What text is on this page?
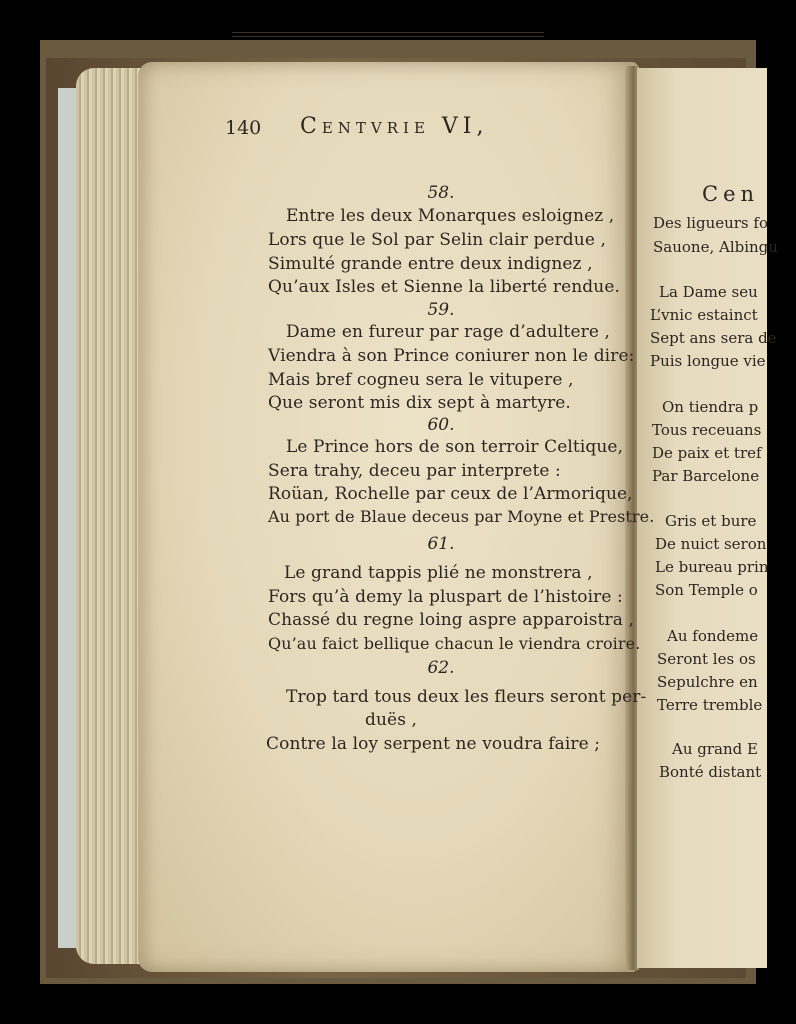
Cen
Des ligueurs fo
Sauone, Albingu
La Dame seu
L’vnic estainct
Sept ans sera de
Puis longue vie
On tiendra p
Tous receuans
De paix et tref
Par Barcelone
Gris et bure
De nuict seron
Le bureau prin
Son Temple o
Au fondeme
Seront les os
Sepulchre en
Terre tremble
Au grand E
Bonté distant
140 Centvrie VI,
58.
Entre les deux Monarques esloignez ,
Lors que le Sol par Selin clair perdue ,
Simulté grande entre deux indignez ,
Qu’aux Isles et Sienne la liberté rendue.
59.
Dame en fureur par rage d’adultere ,
Viendra à son Prince coniurer non le dire:
Mais bref cogneu sera le vitupere ,
Que seront mis dix sept à martyre.
60.
Le Prince hors de son terroir Celtique,
Sera trahy, deceu par interprete :
Roüan, Rochelle par ceux de l’Armorique,
Au port de Blaue deceus par Moyne et Prestre.
61.
Le grand tappis plié ne monstrera ,
Fors qu’à demy la pluspart de l’histoire :
Chassé du regne loing aspre apparoistra ,
Qu’au faict bellique chacun le viendra croire.
62.
Trop tard tous deux les fleurs seront per-
duës ,
Contre la loy serpent ne voudra faire ;
